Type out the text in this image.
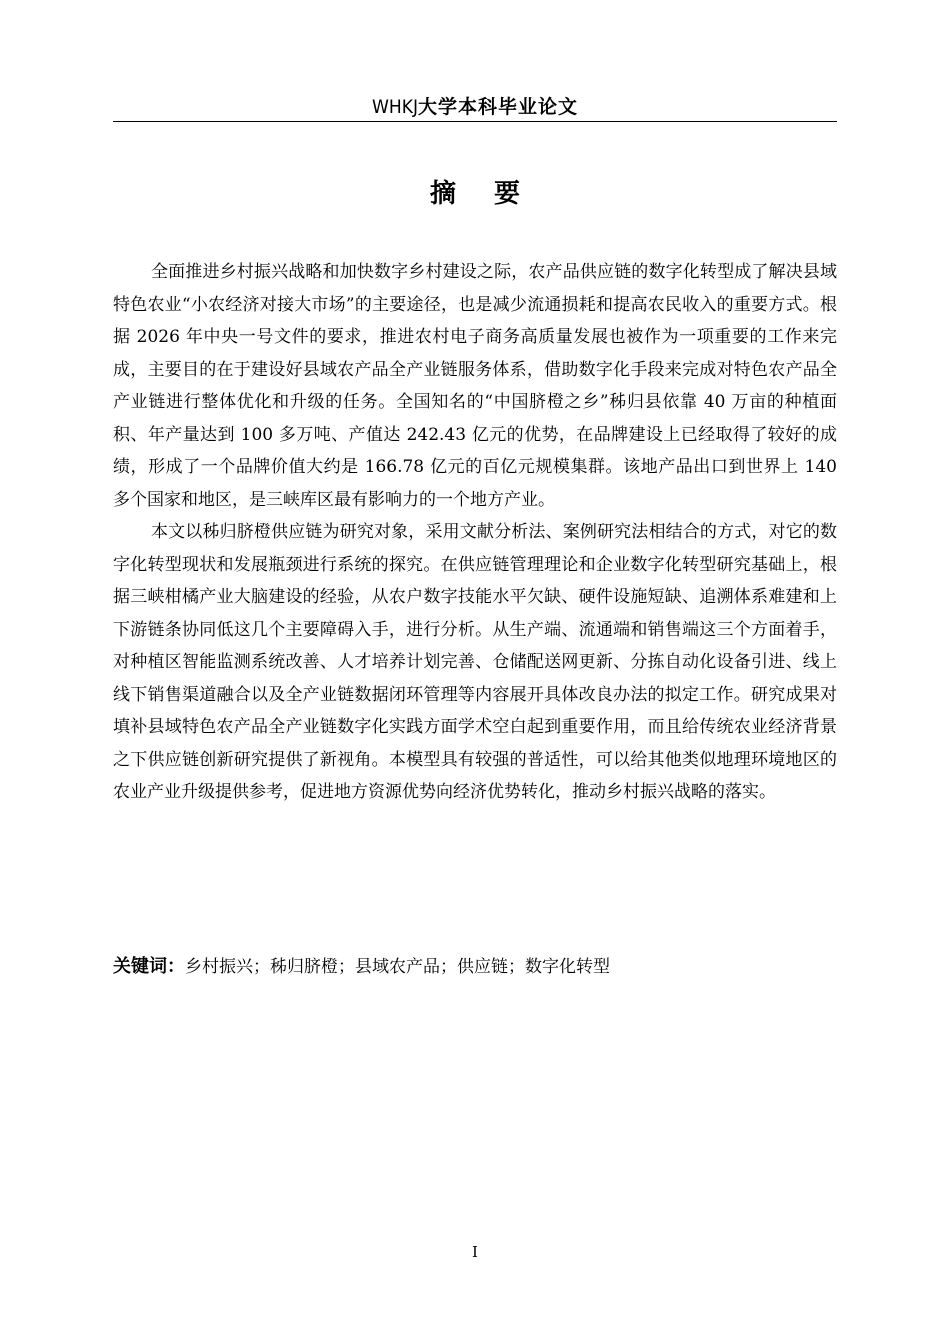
WHKJ大学本科毕业论文
摘要

全面推进乡村振兴战略和加快数字乡村建设之际，农产品供应链的数字化转型成了解决县域特色农业“小农经济对接大市场”的主要途径，也是减少流通损耗和提高农民收入的重要方式。根据 2026 年中央一号文件的要求，推进农村电子商务高质量发展也被作为一项重要的工作来完成，主要目的在于建设好县域农产品全产业链服务体系，借助数字化手段来完成对特色农产品全产业链进行整体优化和升级的任务。全国知名的“中国脐橙之乡”秭归县依靠 40 万亩的种植面积、年产量达到 100 多万吨、产值达 242.43 亿元的优势，在品牌建设上已经取得了较好的成绩，形成了一个品牌价值大约是 166.78 亿元的百亿元规模集群。该地产品出口到世界上 140 多个国家和地区，是三峡库区最有影响力的一个地方产业。

本文以秭归脐橙供应链为研究对象，采用文献分析法、案例研究法相结合的方式，对它的数字化转型现状和发展瓶颈进行系统的探究。在供应链管理理论和企业数字化转型研究基础上，根据三峡柑橘产业大脑建设的经验，从农户数字技能水平欠缺、硬件设施短缺、追溯体系难建和上下游链条协同低这几个主要障碍入手，进行分析。从生产端、流通端和销售端这三个方面着手，对种植区智能监测系统改善、人才培养计划完善、仓储配送网更新、分拣自动化设备引进、线上线下销售渠道融合以及全产业链数据闭环管理等内容展开具体改良办法的拟定工作。研究成果对填补县域特色农产品全产业链数字化实践方面学术空白起到重要作用，而且给传统农业经济背景之下供应链创新研究提供了新视角。本模型具有较强的普适性，可以给其他类似地理环境地区的农业产业升级提供参考，促进地方资源优势向经济优势转化，推动乡村振兴战略的落实。

关键词：乡村振兴；秭归脐橙；县域农产品；供应链；数字化转型
I
